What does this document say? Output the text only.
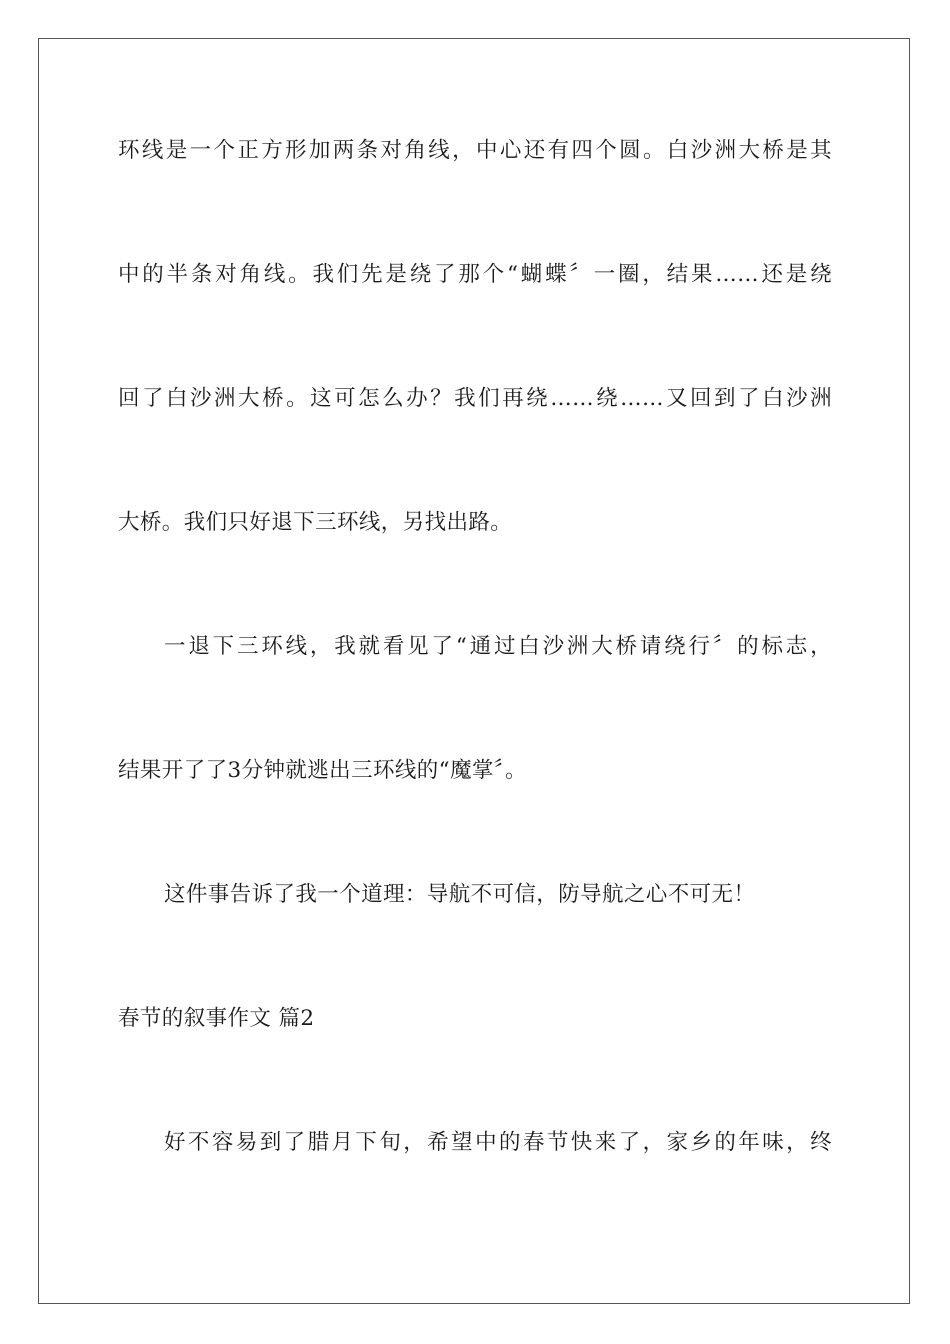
环线是一个正方形加两条对角线，中心还有四个圆。白沙洲大桥是其
中的半条对角线。我们先是绕了那个“蝴蝶〞一圈，结果……还是绕
回了白沙洲大桥。这可怎么办？我们再绕……绕……又回到了白沙洲
大桥。我们只好退下三环线，另找出路。
一退下三环线，我就看见了“通过白沙洲大桥请绕行〞的标志，
结果开了了3分钟就逃出三环线的“魔掌〞。
这件事告诉了我一个道理：导航不可信，防导航之心不可无！
春节的叙事作文 篇2
好不容易到了腊月下旬，希望中的春节快来了，家乡的年味，终
